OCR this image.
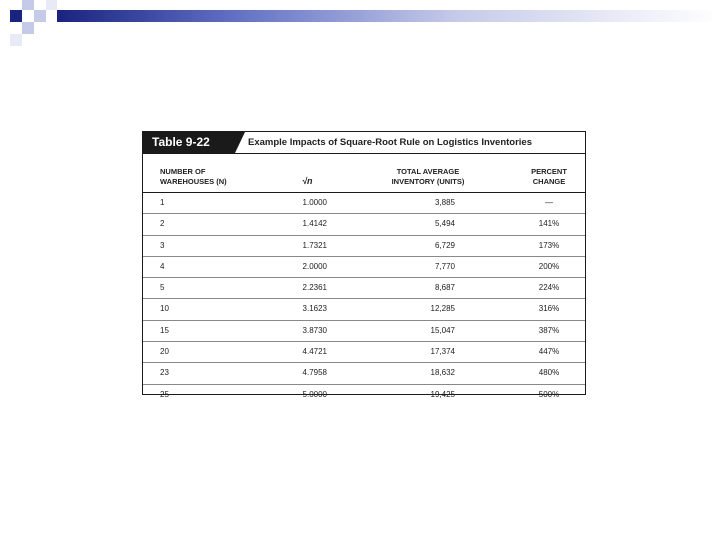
Table 9-22	Example Impacts of Square-Root Rule on Logistics Inventories
NUMBER OF
WAREHOUSES (N)	√n
TOTAL AVERAGE
INVENTORY (UNITS)
PERCENT
CHANGE
1	1.0000	3,885	—
2	1.4142	5,494	141%
3	1.7321	6,729	173%
4	2.0000	7,770	200%
5	2.2361	8,687	224%
10	3.1623	12,285	316%
15	3.8730	15,047	387%
20	4.4721	17,374	447%
23	4.7958	18,632	480%
25	5.0000	19,425	500%
